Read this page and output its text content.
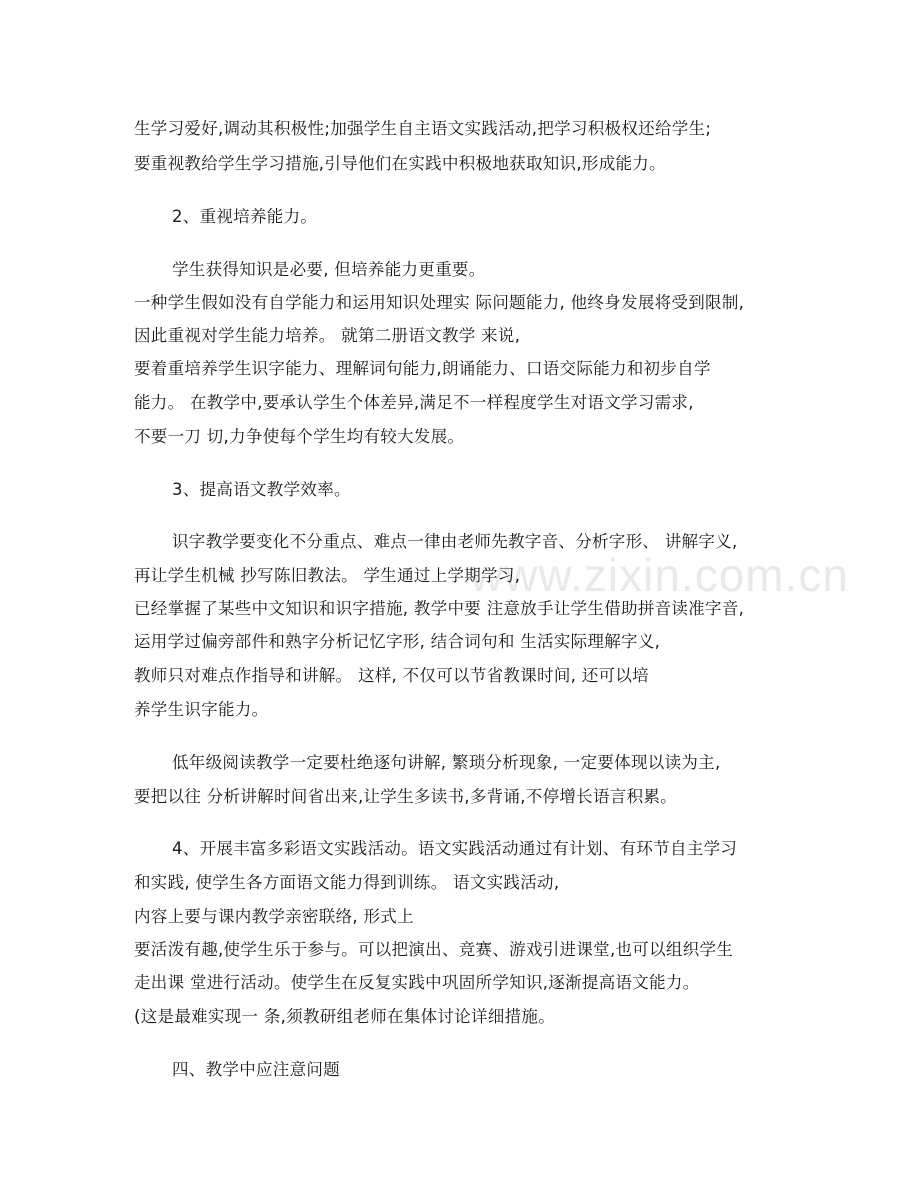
www.zixin.com.cn
生学习爱好,调动其积极性;加强学生自主语文实践活动,把学习积极权还给学生;
要重视教给学生学习措施,引导他们在实践中积极地获取知识,形成能力。
2、重视培养能力。
学生获得知识是必要, 但培养能力更重要。
一种学生假如没有自学能力和运用知识处理实 际问题能力, 他终身发展将受到限制,
因此重视对学生能力培养。 就第二册语文教学 来说,
要着重培养学生识字能力、理解词句能力,朗诵能力、口语交际能力和初步自学
能力。 在教学中,要承认学生个体差异,满足不一样程度学生对语文学习需求,
不要一刀 切,力争使每个学生均有较大发展。
3、提高语文教学效率。
识字教学要变化不分重点、难点一律由老师先教字音、分析字形、 讲解字义,
再让学生机械 抄写陈旧教法。 学生通过上学期学习,
已经掌握了某些中文知识和识字措施, 教学中要 注意放手让学生借助拼音读准字音,
运用学过偏旁部件和熟字分析记忆字形, 结合词句和 生活实际理解字义,
教师只对难点作指导和讲解。 这样, 不仅可以节省教课时间, 还可以培
养学生识字能力。
低年级阅读教学一定要杜绝逐句讲解, 繁琐分析现象, 一定要体现以读为主,
要把以往 分析讲解时间省出来,让学生多读书,多背诵,不停增长语言积累。
4、开展丰富多彩语文实践活动。语文实践活动通过有计划、有环节自主学习
和实践, 使学生各方面语文能力得到训练。 语文实践活动,
内容上要与课内教学亲密联络, 形式上
要活泼有趣,使学生乐于参与。可以把演出、竞赛、游戏引进课堂,也可以组织学生
走出课 堂进行活动。使学生在反复实践中巩固所学知识,逐渐提高语文能力。
(这是最难实现一 条,须教研组老师在集体讨论详细措施。
四、教学中应注意问题
